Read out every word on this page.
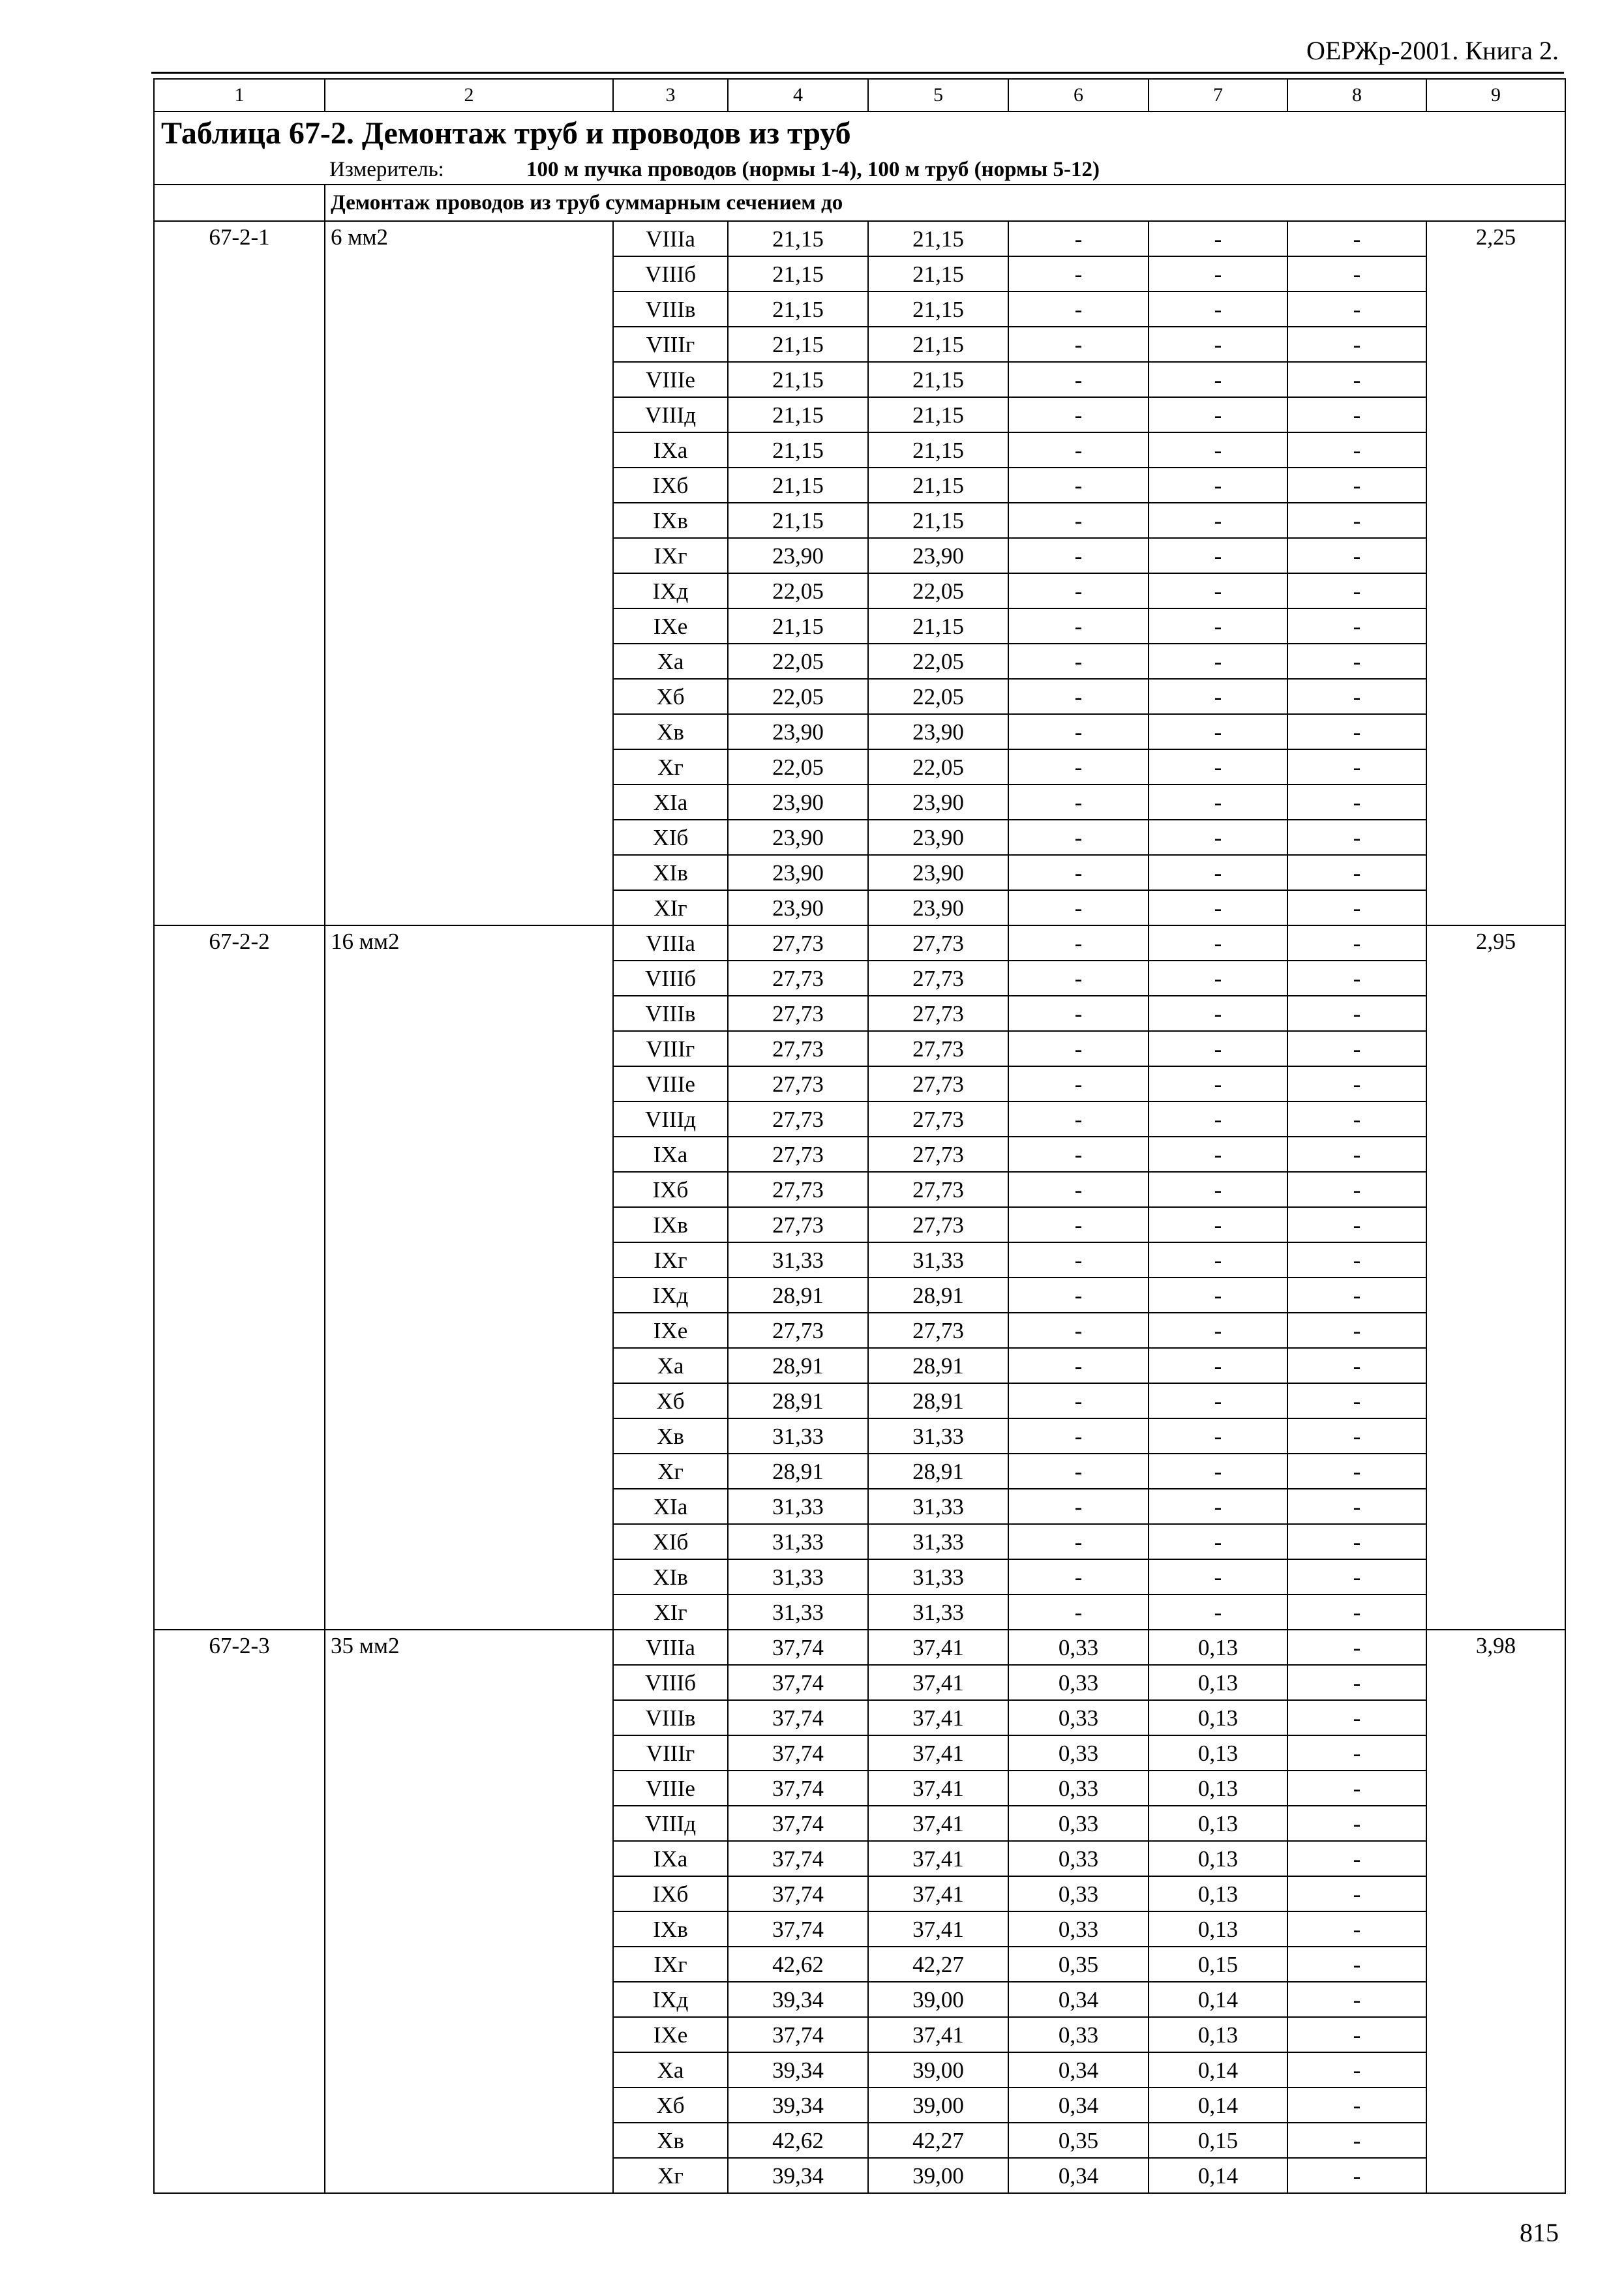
ОЕРЖр-2001. Книга 2.
1	2	3	4	5	6	7	8	9
Таблица 67-2. Демонтаж труб и проводов из труб								
Измеритель: 100 м пучка проводов (нормы 1-4), 100 м труб (нормы 5-12)								
	Демонтаж проводов из труб суммарным сечением до							
67-2-1	6 мм2	VIIIа	21,15	21,15	-	-	-	2,25
		VIIIб	21,15	21,15	-	-	-	
		VIIIв	21,15	21,15	-	-	-	
		VIIIг	21,15	21,15	-	-	-	
		VIIIе	21,15	21,15	-	-	-	
		VIIIд	21,15	21,15	-	-	-	
		IXа	21,15	21,15	-	-	-	
		IXб	21,15	21,15	-	-	-	
		IXв	21,15	21,15	-	-	-	
		IXг	23,90	23,90	-	-	-	
		IXд	22,05	22,05	-	-	-	
		IXе	21,15	21,15	-	-	-	
		Xа	22,05	22,05	-	-	-	
		Xб	22,05	22,05	-	-	-	
		Xв	23,90	23,90	-	-	-	
		Xг	22,05	22,05	-	-	-	
		XIа	23,90	23,90	-	-	-	
		XIб	23,90	23,90	-	-	-	
		XIв	23,90	23,90	-	-	-	
		XIг	23,90	23,90	-	-	-	
67-2-2	16 мм2	VIIIа	27,73	27,73	-	-	-	2,95
		VIIIб	27,73	27,73	-	-	-	
		VIIIв	27,73	27,73	-	-	-	
		VIIIг	27,73	27,73	-	-	-	
		VIIIе	27,73	27,73	-	-	-	
		VIIIд	27,73	27,73	-	-	-	
		IXа	27,73	27,73	-	-	-	
		IXб	27,73	27,73	-	-	-	
		IXв	27,73	27,73	-	-	-	
		IXг	31,33	31,33	-	-	-	
		IXд	28,91	28,91	-	-	-	
		IXе	27,73	27,73	-	-	-	
		Xа	28,91	28,91	-	-	-	
		Xб	28,91	28,91	-	-	-	
		Xв	31,33	31,33	-	-	-	
		Xг	28,91	28,91	-	-	-	
		XIа	31,33	31,33	-	-	-	
		XIб	31,33	31,33	-	-	-	
		XIв	31,33	31,33	-	-	-	
		XIг	31,33	31,33	-	-	-	
67-2-3	35 мм2	VIIIа	37,74	37,41	0,33	0,13	-	3,98
		VIIIб	37,74	37,41	0,33	0,13	-	
		VIIIв	37,74	37,41	0,33	0,13	-	
		VIIIг	37,74	37,41	0,33	0,13	-	
		VIIIе	37,74	37,41	0,33	0,13	-	
		VIIIд	37,74	37,41	0,33	0,13	-	
		IXа	37,74	37,41	0,33	0,13	-	
		IXб	37,74	37,41	0,33	0,13	-	
		IXв	37,74	37,41	0,33	0,13	-	
		IXг	42,62	42,27	0,35	0,15	-	
		IXд	39,34	39,00	0,34	0,14	-	
		IXе	37,74	37,41	0,33	0,13	-	
		Xа	39,34	39,00	0,34	0,14	-	
		Xб	39,34	39,00	0,34	0,14	-	
		Xв	42,62	42,27	0,35	0,15	-	
		Xг	39,34	39,00	0,34	0,14	-	
815
